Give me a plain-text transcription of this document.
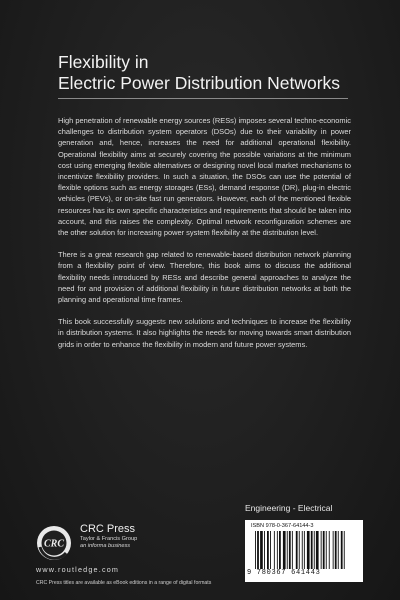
Flexibility in
Electric Power Distribution Networks

High penetration of renewable energy sources (RESs) imposes several techno-economic challenges to distribution system operators (DSOs) due to their variability in power generation and, hence, increases the need for additional operational flexibility. Operational flexibility aims at securely covering the possible variations at the minimum cost using emerging flexible alternatives or designing novel local market mechanisms to incentivize flexibility providers. In such a situation, the DSOs can use the potential of flexible options such as energy storages (ESs), demand response (DR), plug-in electric vehicles (PEVs), or on-site fast run generators. However, each of the mentioned flexible resources has its own specific characteristics and requirements that should be taken into account, and this raises the complexity. Optimal network reconfiguration schemes are the other solution for increasing power system flexibility at the distribution level.

There is a great research gap related to renewable-based distribution network planning from a flexibility point of view. Therefore, this book aims to discuss the additional flexibility needs introduced by RESs and describe general approaches to analyze the need for and provision of additional flexibility in future distribution networks at both the planning and operational time frames.

This book successfully suggests new solutions and techniques to increase the flexibility in distribution systems. It also highlights the needs for moving towards smart distribution grids in order to enhance the flexibility in modern and future power systems.

Engineering - Electrical
CRC
CRC Press
Taylor & Francis Group
an informa business
www.routledge.com
CRC Press titles are available as eBook editions in a range of digital formats
ISBN 978-0-367-64144-3
9 780367 641443
